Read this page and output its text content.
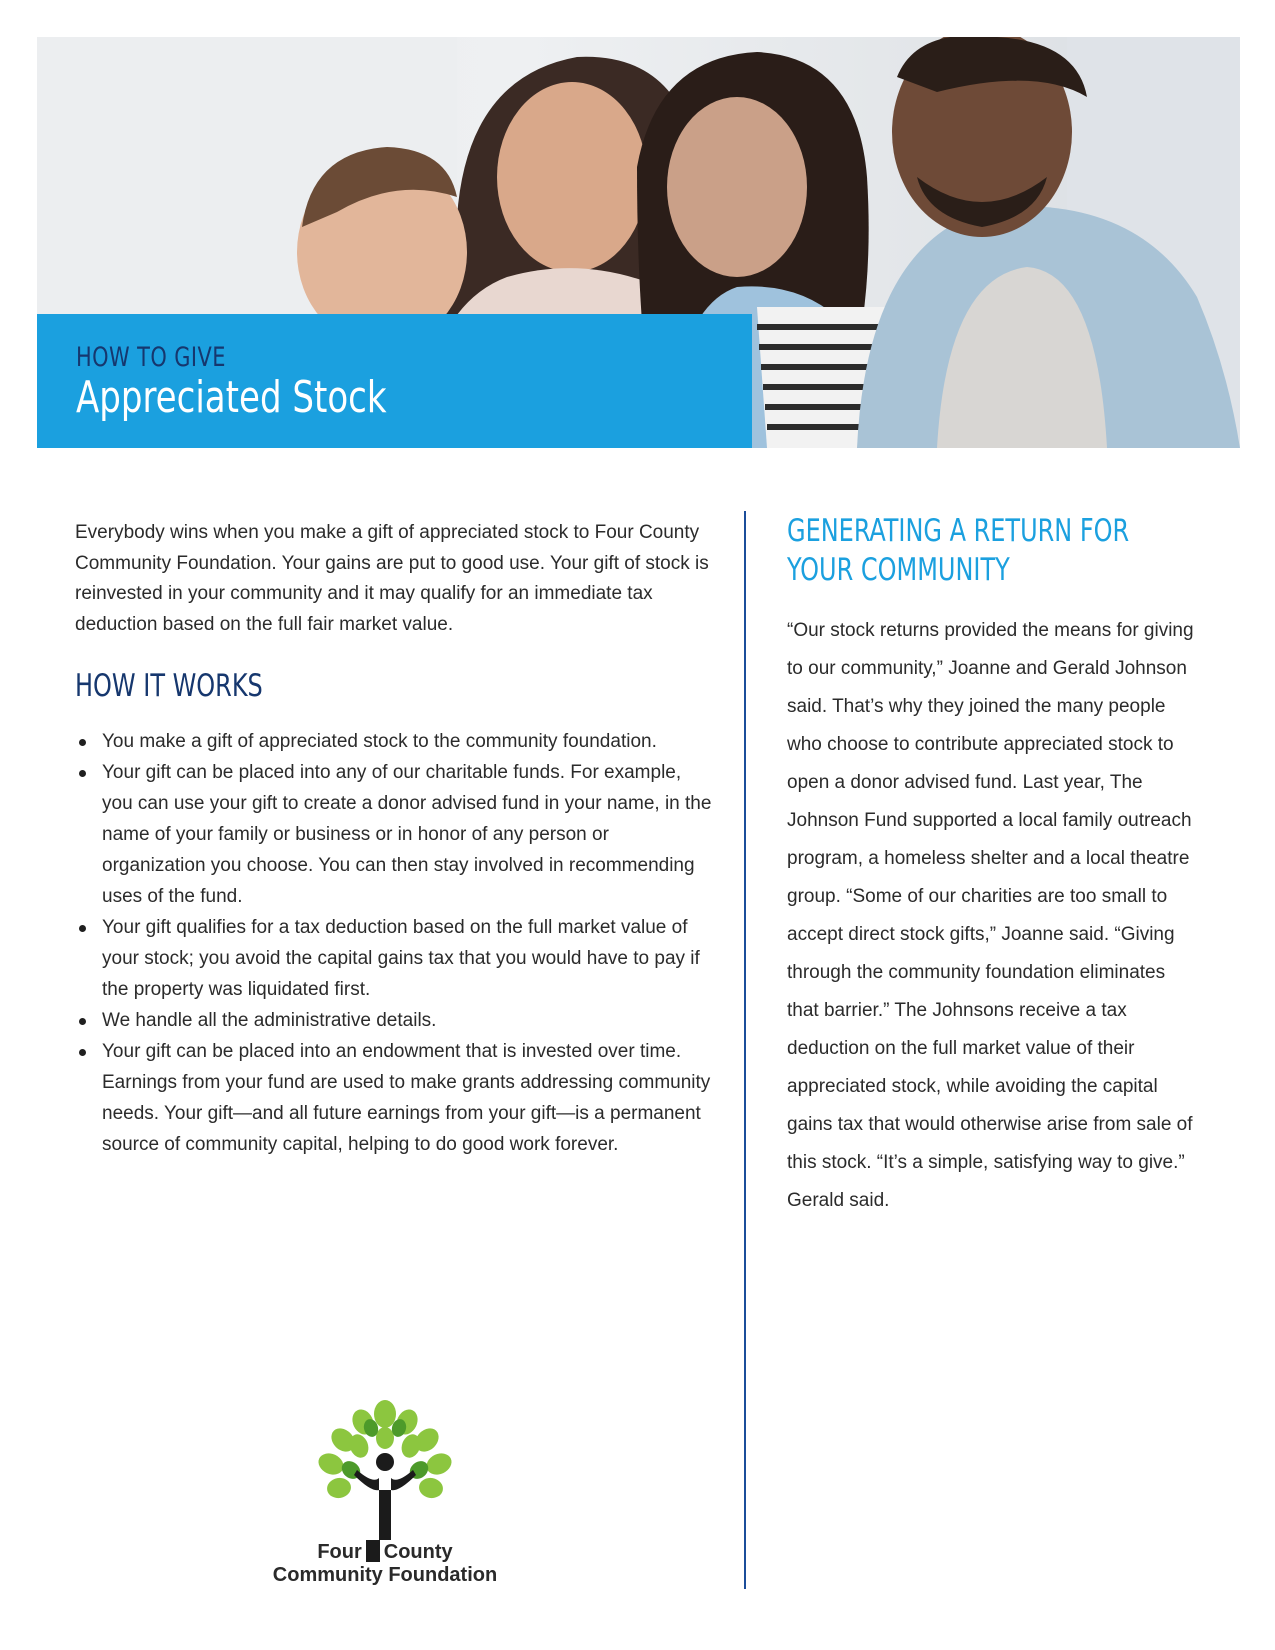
HOW TO GIVE
Appreciated Stock

Everybody wins when you make a gift of appreciated stock to Four County Community Foundation. Your gains are put to good use. Your gift of stock is reinvested in your community and it may qualify for an immediate tax deduction based on the full fair market value.

HOW IT WORKS
You make a gift of appreciated stock to the community foundation.
Your gift can be placed into any of our charitable funds. For example, you can use your gift to create a donor advised fund in your name, in the name of your family or business or in honor of any person or organization you choose. You can then stay involved in recommending uses of the fund.
Your gift qualifies for a tax deduction based on the full market value of your stock; you avoid the capital gains tax that you would have to pay if the property was liquidated first.
We handle all the administrative details.
Your gift can be placed into an endowment that is invested over time. Earnings from your fund are used to make grants addressing community needs. Your gift—and all future earnings from your gift—is a permanent source of community capital, helping to do good work forever.
GENERATING A RETURN FOR YOUR COMMUNITY

“Our stock returns provided the means for giving to our community,” Joanne and Gerald Johnson said. That’s why they joined the many people who choose to contribute appreciated stock to open a donor advised fund. Last year, The Johnson Fund supported a local family outreach program, a homeless shelter and a local theatre group. “Some of our charities are too small to accept direct stock gifts,” Joanne said. “Giving through the community foundation eliminates that barrier.” The Johnsons receive a tax deduction on the full market value of their appreciated stock, while avoiding the capital gains tax that would otherwise arise from sale of this stock. “It’s a simple, satisfying way to give.” Gerald said.

Four County
Community Foundation
